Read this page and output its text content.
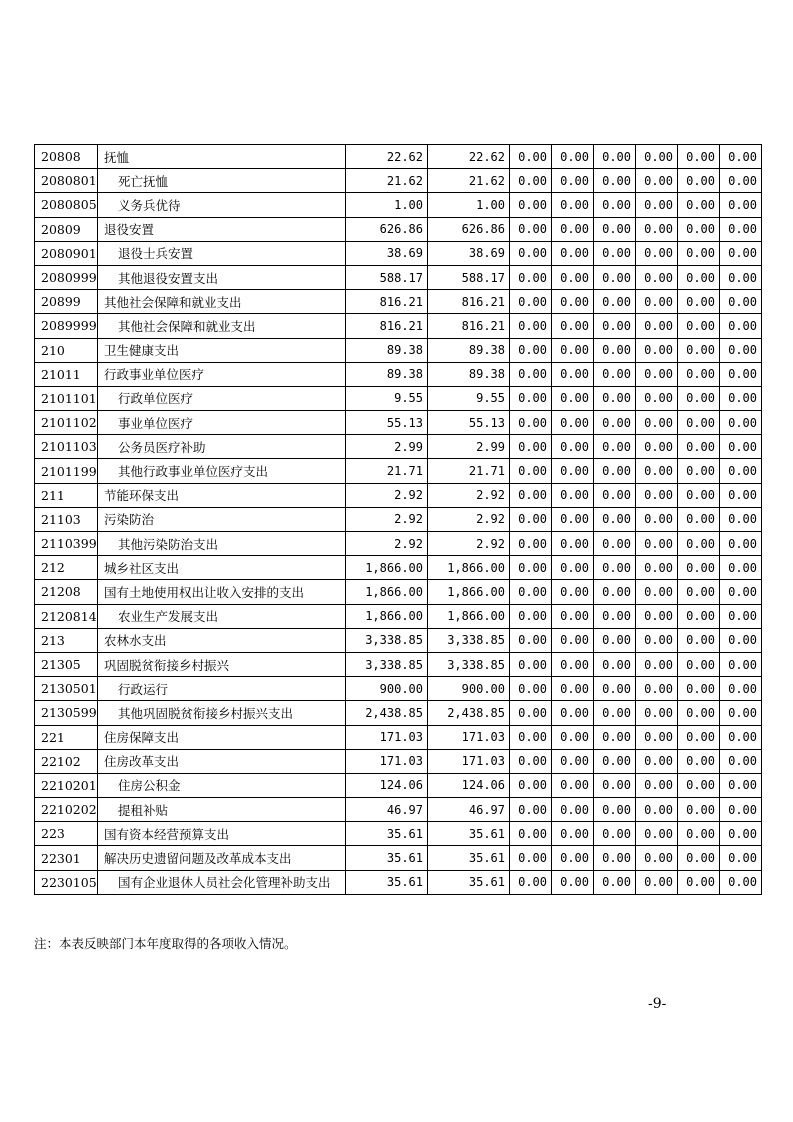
20808	抚恤	22.62	22.62	0.00	0.00	0.00	0.00	0.00	0.00
2080801	死亡抚恤	21.62	21.62	0.00	0.00	0.00	0.00	0.00	0.00
2080805	义务兵优待	1.00	1.00	0.00	0.00	0.00	0.00	0.00	0.00
20809	退役安置	626.86	626.86	0.00	0.00	0.00	0.00	0.00	0.00
2080901	退役士兵安置	38.69	38.69	0.00	0.00	0.00	0.00	0.00	0.00
2080999	其他退役安置支出	588.17	588.17	0.00	0.00	0.00	0.00	0.00	0.00
20899	其他社会保障和就业支出	816.21	816.21	0.00	0.00	0.00	0.00	0.00	0.00
2089999	其他社会保障和就业支出	816.21	816.21	0.00	0.00	0.00	0.00	0.00	0.00
210	卫生健康支出	89.38	89.38	0.00	0.00	0.00	0.00	0.00	0.00
21011	行政事业单位医疗	89.38	89.38	0.00	0.00	0.00	0.00	0.00	0.00
2101101	行政单位医疗	9.55	9.55	0.00	0.00	0.00	0.00	0.00	0.00
2101102	事业单位医疗	55.13	55.13	0.00	0.00	0.00	0.00	0.00	0.00
2101103	公务员医疗补助	2.99	2.99	0.00	0.00	0.00	0.00	0.00	0.00
2101199	其他行政事业单位医疗支出	21.71	21.71	0.00	0.00	0.00	0.00	0.00	0.00
211	节能环保支出	2.92	2.92	0.00	0.00	0.00	0.00	0.00	0.00
21103	污染防治	2.92	2.92	0.00	0.00	0.00	0.00	0.00	0.00
2110399	其他污染防治支出	2.92	2.92	0.00	0.00	0.00	0.00	0.00	0.00
212	城乡社区支出	1,866.00	1,866.00	0.00	0.00	0.00	0.00	0.00	0.00
21208	国有土地使用权出让收入安排的支出	1,866.00	1,866.00	0.00	0.00	0.00	0.00	0.00	0.00
2120814	农业生产发展支出	1,866.00	1,866.00	0.00	0.00	0.00	0.00	0.00	0.00
213	农林水支出	3,338.85	3,338.85	0.00	0.00	0.00	0.00	0.00	0.00
21305	巩固脱贫衔接乡村振兴	3,338.85	3,338.85	0.00	0.00	0.00	0.00	0.00	0.00
2130501	行政运行	900.00	900.00	0.00	0.00	0.00	0.00	0.00	0.00
2130599	其他巩固脱贫衔接乡村振兴支出	2,438.85	2,438.85	0.00	0.00	0.00	0.00	0.00	0.00
221	住房保障支出	171.03	171.03	0.00	0.00	0.00	0.00	0.00	0.00
22102	住房改革支出	171.03	171.03	0.00	0.00	0.00	0.00	0.00	0.00
2210201	住房公积金	124.06	124.06	0.00	0.00	0.00	0.00	0.00	0.00
2210202	提租补贴	46.97	46.97	0.00	0.00	0.00	0.00	0.00	0.00
223	国有资本经营预算支出	35.61	35.61	0.00	0.00	0.00	0.00	0.00	0.00
22301	解决历史遗留问题及改革成本支出	35.61	35.61	0.00	0.00	0.00	0.00	0.00	0.00
2230105	国有企业退休人员社会化管理补助支出	35.61	35.61	0.00	0.00	0.00	0.00	0.00	0.00
注：本表反映部门本年度取得的各项收入情况。
-9-
